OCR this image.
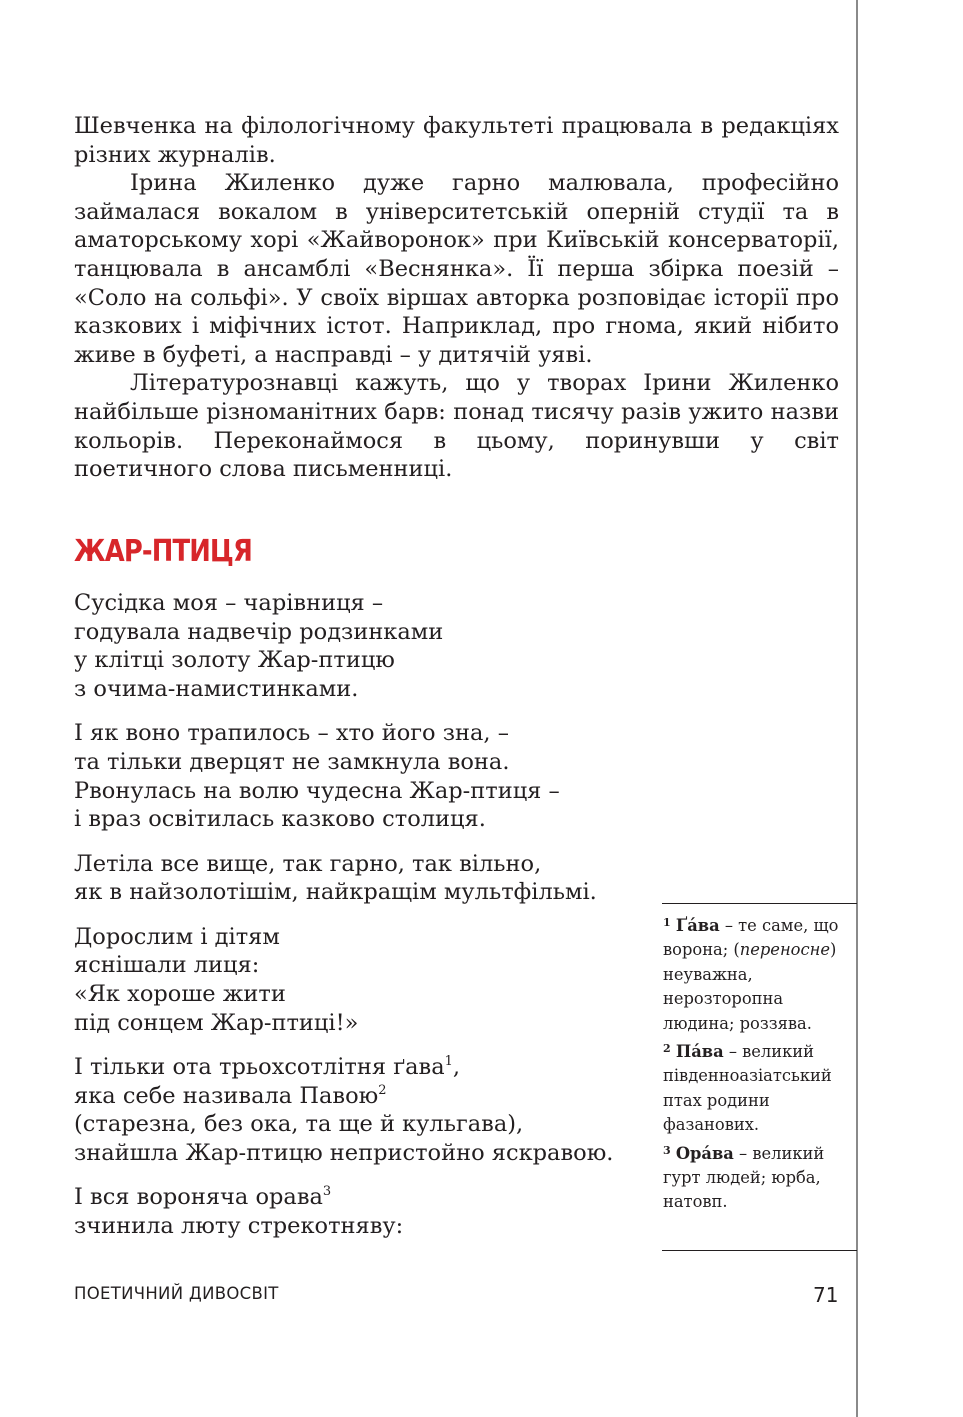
Шевченка на філологічному факультеті працювала в редакціях різних журналів.

Ірина Жиленко дуже гарно малювала, професійно займалася вокалом в університетській оперній студії та в аматорському хорі «Жайворонок» при Київській консерваторії, танцювала в ансамблі «Веснянка». Її перша збірка поезій – «Соло на сольфі». У своїх віршах авторка розповідає історії про казкових і міфічних істот. Наприклад, про гнома, який нібито живе в буфеті, а насправді – у дитячій уяві.

Літературознавці кажуть, що у творах Ірини Жиленко найбільше різноманітних барв: понад тисячу разів ужито назви кольорів. Переконаймося в цьому, поринувши у світ поетичного слова письменниці.

ЖАР-ПТИЦЯ
Сусідка моя – чарівниця –
годувала надвечір родзинками
у клітці золоту Жар-птицю
з очима-намистинками.
І як воно трапилось – хто його зна, –
та тільки дверцят не замкнула вона.
Рвонулась на волю чудесна Жар-птиця –
і враз освітилась казково столиця.
Летіла все вище, так гарно, так вільно,
як в найзолотішім, найкращім мультфільмі.
Дорослим і дітям
яснішали лиця:
«Як хороше жити
під сонцем Жар-птиці!»
І тільки ота трьохсотлітня ґава$^1$,
яка себе називала Павою$^2$
(старезна, без ока, та ще й кульгава),
знайшла Жар-птицю непристойно яскравою.
І вся вороняча орава$^3$
зчинила люту стрекотняву:

$^1$ Ґáва – те саме, що ворона; (переносне) неуважна, нерозторопна людина; роззява.

$^2$ Пáва – великий південноазіатський птах родини фазанових.

$^3$ Орáва – великий гурт людей; юрба, натовп.

ПОЕТИЧНИЙ ДИВОСВІТ	71
